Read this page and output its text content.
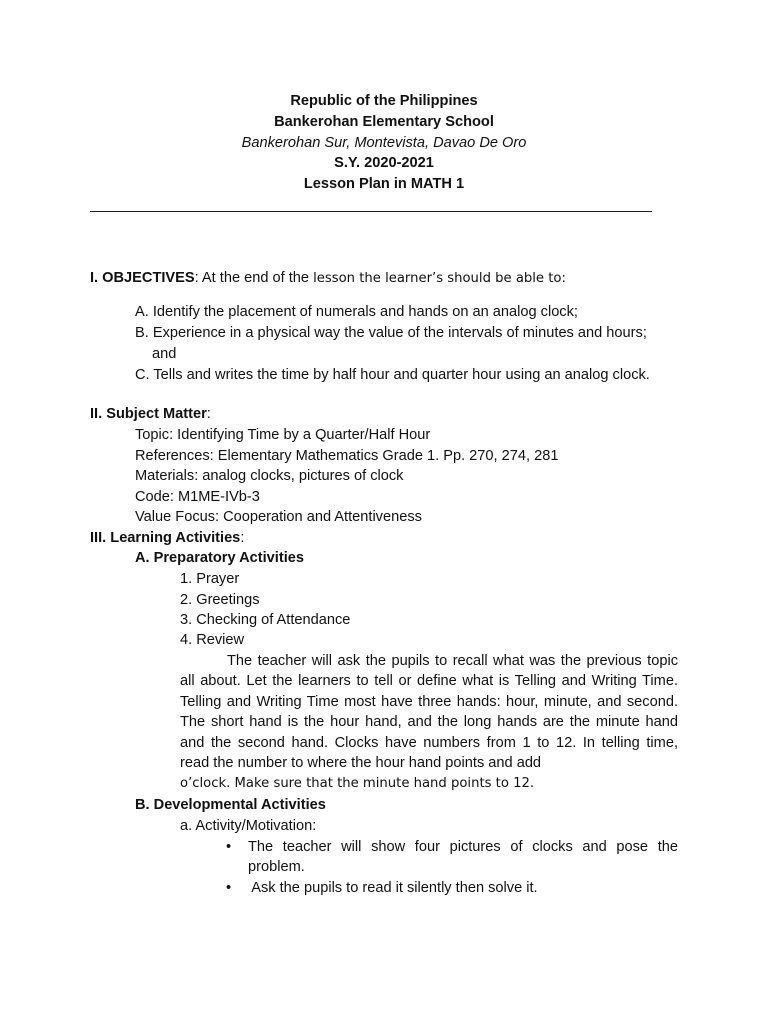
Republic of the Philippines
Bankerohan Elementary School
Bankerohan Sur, Montevista, Davao De Oro
S.Y. 2020-2021
Lesson Plan in MATH 1
I. OBJECTIVES: At the end of the lesson the learner’s should be able to:
A. Identify the placement of numerals and hands on an analog clock;
B. Experience in a physical way the value of the intervals of minutes and hours;
and
C. Tells and writes the time by half hour and quarter hour using an analog clock.
II. Subject Matter:
Topic: Identifying Time by a Quarter/Half Hour
References: Elementary Mathematics Grade 1. Pp. 270, 274, 281
Materials: analog clocks, pictures of clock
Code: M1ME-IVb-3
Value Focus: Cooperation and Attentiveness
III. Learning Activities:
A. Preparatory Activities
1. Prayer
2. Greetings
3. Checking of Attendance
4. Review
The teacher will ask the pupils to recall what was the previous topic all about. Let the learners to tell or define what is Telling and Writing Time. Telling and Writing Time most have three hands: hour, minute, and second. The short hand is the hour hand, and the long hands are the minute hand and the second hand. Clocks have numbers from 1 to 12. In telling time, read the number to where the hour hand points and add
o’clock. Make sure that the minute hand points to 12.
B. Developmental Activities
a. Activity/Motivation:
• The teacher will show four pictures of clocks and pose the problem.
• Ask the pupils to read it silently then solve it.
